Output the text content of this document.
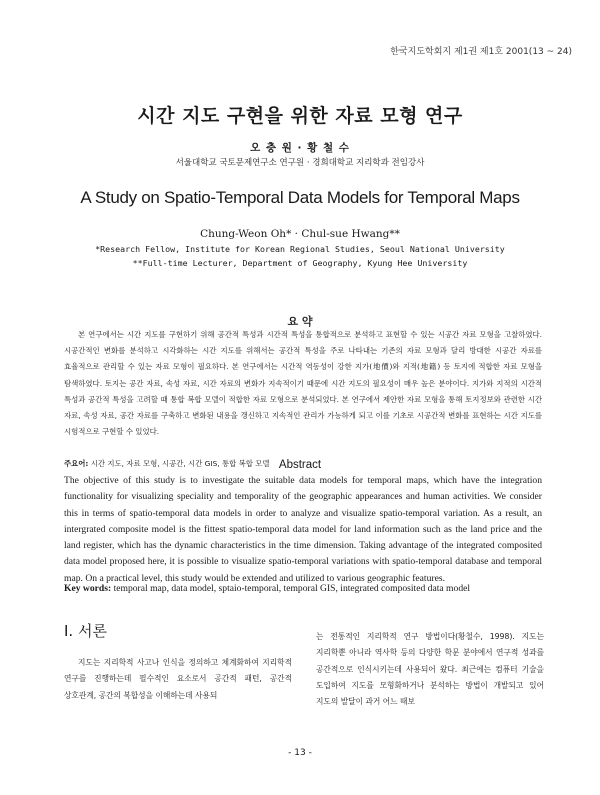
한국지도학회지 제1권 제1호 2001(13 ~ 24)
시간 지도 구현을 위한 자료 모형 연구
오 충 원 · 황 철 수
서울대학교 국토문제연구소 연구원 · 경희대학교 지리학과 전임강사
A Study on Spatio-Temporal Data Models for Temporal Maps
Chung-Weon Oh* · Chul-sue Hwang**
*Research Fellow, Institute for Korean Regional Studies, Seoul National University
**Full-time Lecturer, Department of Geography, Kyung Hee University
요 약

본 연구에서는 시간 지도를 구현하기 위해 공간적 특성과 시간적 특성을 통합적으로 분석하고 표현할 수 있는 시공간 자료 모형을 고찰하였다. 시공간적인 변화를 분석하고 시각화하는 시간 지도를 위해서는 공간적 특성을 주로 나타내는 기존의 자료 모형과 달리 방대한 시공간 자료를 효율적으로 관리할 수 있는 자료 모형이 필요하다. 본 연구에서는 시간적 역동성이 강한 지가(地價)와 지적(地籍) 등 토지에 적합한 자료 모형을 탐색하였다. 토지는 공간 자료, 속성 자료, 시간 자료의 변화가 지속적이기 때문에 시간 지도의 필요성이 매우 높은 분야이다. 지가와 지적의 시간적 특성과 공간적 특성을 고려할 때 통합 복합 모델이 적합한 자료 모형으로 분석되었다. 본 연구에서 제안한 자료 모형을 통해 토지정보와 관련한 시간 자료, 속성 자료, 공간 자료를 구축하고 변화된 내용을 갱신하고 지속적인 관리가 가능하게 되고 이를 기초로 시공간적 변화를 표현하는 시간 지도를 시험적으로 구현할 수 있었다.

주요어: 시간 지도, 자료 모형, 시공간, 시간 GIS, 통합 복합 모델 Abstract

The objective of this study is to investigate the suitable data models for temporal maps, which have the integration functionality for visualizing speciality and temporality of the geographic appearances and human activities. We consider this in terms of spatio-temporal data models in order to analyze and visualize spatio-temporal variation. As a result, an intergrated composite model is the fittest spatio-temporal data model for land information such as the land price and the land register, which has the dynamic characteristics in the time dimension. Taking advantage of the integrated composited data model proposed here, it is possible to visualize spatio-temporal variations with spatio-temporal database and temporal map. On a practical level, this study would be extended and utilized to various geographic features.

Key words: temporal map, data model, sptaio-temporal, temporal GIS, integrated composited data model
I. 서론

지도는 지리학적 사고나 인식을 정의하고 체계화하여 지리학적 연구를 진행하는데 필수적인 요소로서 공간적 패턴, 공간적 상호관계, 공간의 복합성을 이해하는데 사용되

는 전통적인 지리학적 연구 방법이다(황철수, 1998). 지도는 지리학뿐 아니라 역사학 등의 다양한 학문 분야에서 연구적 성과를 공간적으로 인식시키는데 사용되어 왔다. 최근에는 컴퓨터 기술을 도입하여 지도를 모형화하거나 분석하는 방법이 개발되고 있어 지도의 발달이 과거 어느 때보

- 13 -
